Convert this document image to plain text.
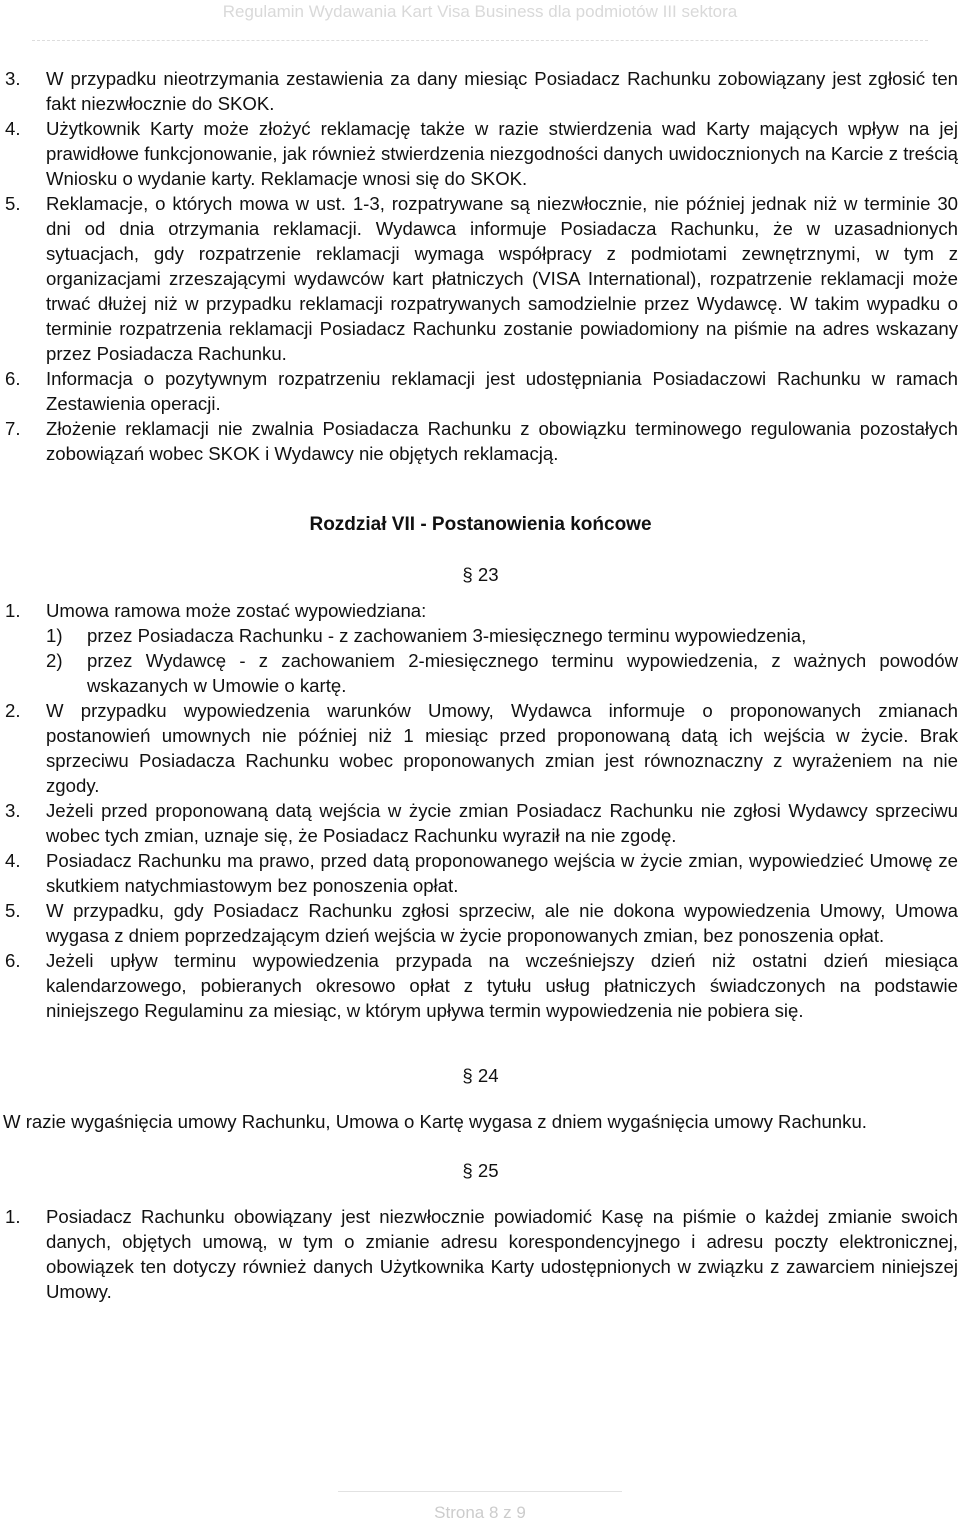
Regulamin Wydawania Kart Visa Business dla podmiotów III sektora
3. W przypadku nieotrzymania zestawienia za dany miesiąc Posiadacz Rachunku zobowiązany jest zgłosić ten fakt niezwłocznie do SKOK.
4. Użytkownik Karty może złożyć reklamację także w razie stwierdzenia wad Karty mających wpływ na jej prawidłowe funkcjonowanie, jak również stwierdzenia niezgodności danych uwidocznionych na Karcie z treścią Wniosku o wydanie karty. Reklamacje wnosi się do SKOK.
5. Reklamacje, o których mowa w ust. 1-3, rozpatrywane są niezwłocznie, nie później jednak niż w terminie 30 dni od dnia otrzymania reklamacji. Wydawca informuje Posiadacza Rachunku, że w uzasadnionych sytuacjach, gdy rozpatrzenie reklamacji wymaga współpracy z podmiotami zewnętrznymi, w tym z organizacjami zrzeszającymi wydawców kart płatniczych (VISA International), rozpatrzenie reklamacji może trwać dłużej niż w przypadku reklamacji rozpatrywanych samodzielnie przez Wydawcę. W takim wypadku o terminie rozpatrzenia reklamacji Posiadacz Rachunku zostanie powiadomiony na piśmie na adres wskazany przez Posiadacza Rachunku.
6. Informacja o pozytywnym rozpatrzeniu reklamacji jest udostępniania Posiadaczowi Rachunku w ramach Zestawienia operacji.
7. Złożenie reklamacji nie zwalnia Posiadacza Rachunku z obowiązku terminowego regulowania pozostałych zobowiązań wobec SKOK i Wydawcy nie objętych reklamacją.
Rozdział VII - Postanowienia końcowe
§ 23
1. Umowa ramowa może zostać wypowiedziana:
1) przez Posiadacza Rachunku - z zachowaniem 3-miesięcznego terminu wypowiedzenia,
2) przez Wydawcę - z zachowaniem 2-miesięcznego terminu wypowiedzenia, z ważnych powodów wskazanych w Umowie o kartę.
2. W przypadku wypowiedzenia warunków Umowy, Wydawca informuje o proponowanych zmianach postanowień umownych nie później niż 1 miesiąc przed proponowaną datą ich wejścia w życie. Brak sprzeciwu Posiadacza Rachunku wobec proponowanych zmian jest równoznaczny z wyrażeniem na nie zgody.
3. Jeżeli przed proponowaną datą wejścia w życie zmian Posiadacz Rachunku nie zgłosi Wydawcy sprzeciwu wobec tych zmian, uznaje się, że Posiadacz Rachunku wyraził na nie zgodę.
4. Posiadacz Rachunku ma prawo, przed datą proponowanego wejścia w życie zmian, wypowiedzieć Umowę ze skutkiem natychmiastowym bez ponoszenia opłat.
5. W przypadku, gdy Posiadacz Rachunku zgłosi sprzeciw, ale nie dokona wypowiedzenia Umowy, Umowa wygasa z dniem poprzedzającym dzień wejścia w życie proponowanych zmian, bez ponoszenia opłat.
6. Jeżeli upływ terminu wypowiedzenia przypada na wcześniejszy dzień niż ostatni dzień miesiąca kalendarzowego, pobieranych okresowo opłat z tytułu usług płatniczych świadczonych na podstawie niniejszego Regulaminu za miesiąc, w którym upływa termin wypowiedzenia nie pobiera się.
§ 24
W razie wygaśnięcia umowy Rachunku, Umowa o Kartę wygasa z dniem wygaśnięcia umowy Rachunku.
§ 25
1. Posiadacz Rachunku obowiązany jest niezwłocznie powiadomić Kasę na piśmie o każdej zmianie swoich danych, objętych umową, w tym o zmianie adresu korespondencyjnego i adresu poczty elektronicznej, obowiązek ten dotyczy również danych Użytkownika Karty udostępnionych w związku z zawarciem niniejszej Umowy.
Strona 8 z 9
